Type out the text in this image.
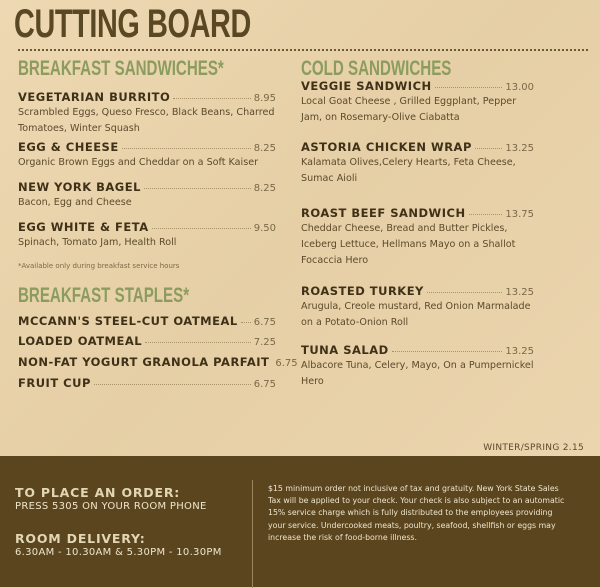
CUTTING BOARD
BREAKFAST SANDWICHES*
VEGETARIAN BURRITO	8.95
Scrambled Eggs, Queso Fresco, Black Beans, Charred Tomatoes, Winter Squash
EGG & CHEESE	8.25
Organic Brown Eggs and Cheddar on a Soft Kaiser
NEW YORK BAGEL	8.25
Bacon, Egg and Cheese
EGG WHITE & FETA	9.50
Spinach, Tomato Jam, Health Roll
*Available only during breakfast service hours
BREAKFAST STAPLES*
MCCANN'S STEEL-CUT OATMEAL 6.75
LOADED OATMEAL	7.25
NON-FAT YOGURT GRANOLA PARFAIT 6.75
FRUIT CUP	6.75
COLD SANDWICHES
VEGGIE SANDWICH	13.00
Local Goat Cheese , Grilled Eggplant, Pepper Jam, on Rosemary-Olive Ciabatta
ASTORIA CHICKEN WRAP	13.25
Kalamata Olives,Celery Hearts, Feta Cheese, Sumac Aioli
ROAST BEEF SANDWICH	13.75
Cheddar Cheese, Bread and Butter Pickles, Iceberg Lettuce, Hellmans Mayo on a Shallot Focaccia Hero
ROASTED TURKEY	13.25
Arugula, Creole mustard, Red Onion Marmalade on a Potato-Onion Roll
TUNA SALAD	13.25
Albacore Tuna, Celery, Mayo, On a Pumpernickel Hero
WINTER/SPRING 2.15
TO PLACE AN ORDER:
PRESS 5305 ON YOUR ROOM PHONE
ROOM DELIVERY:
6.30AM - 10.30AM & 5.30PM - 10.30PM
$15 minimum order not inclusive of tax and gratuity. New York State Sales Tax will be applied to your check. Your check is also subject to an automatic 15% service charge which is fully distributed to the employees providing your service. Undercooked meats, poultry, seafood, shellfish or eggs may increase the risk of food-borne illness.
